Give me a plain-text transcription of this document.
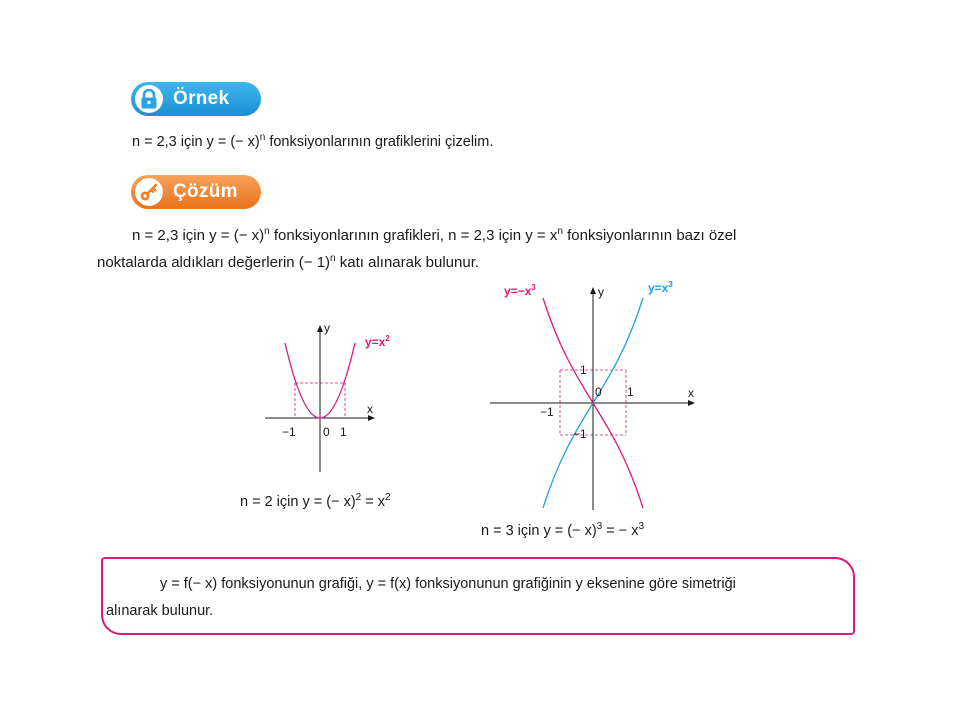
Örnek
n = 2,3 için y = (− x)$^n$ fonksiyonlarının grafiklerini çizelim.
Çözüm
n = 2,3 için y = (− x)$^n$ fonksiyonlarının grafikleri, n = 2,3 için $y = x^n$ fonksiyonlarının bazı özel
noktalarda aldıkları değerlerin (− 1)$^n$ katı alınarak bulunur.
x
y
−1 0 1
$y=x^2$
x
y
1
0 1
−1
−1
$y=-x^3$	$y=x^3$
n = 2 için y = (− $x)^2 = x^2$
n = 3 için y = (− x)$^3$ = − $x^3$
y = f(− x) fonksiyonunun grafiği, y = f(x) fonksiyonunun grafiğinin y eksenine göre simetriği
alınarak bulunur.
